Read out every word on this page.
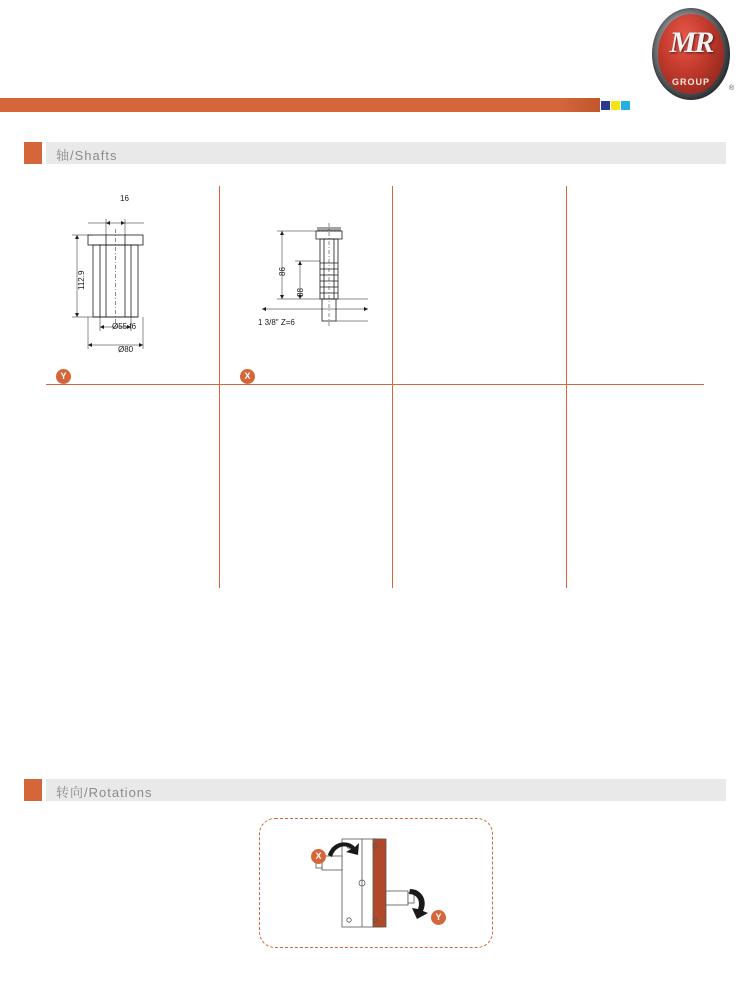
MR
GROUP
®
轴/Shafts
Y	X
16
112.9
Ø55 f6
Ø80
86
38
1 3/8" Z=6
转向/Rotations
X
Y
